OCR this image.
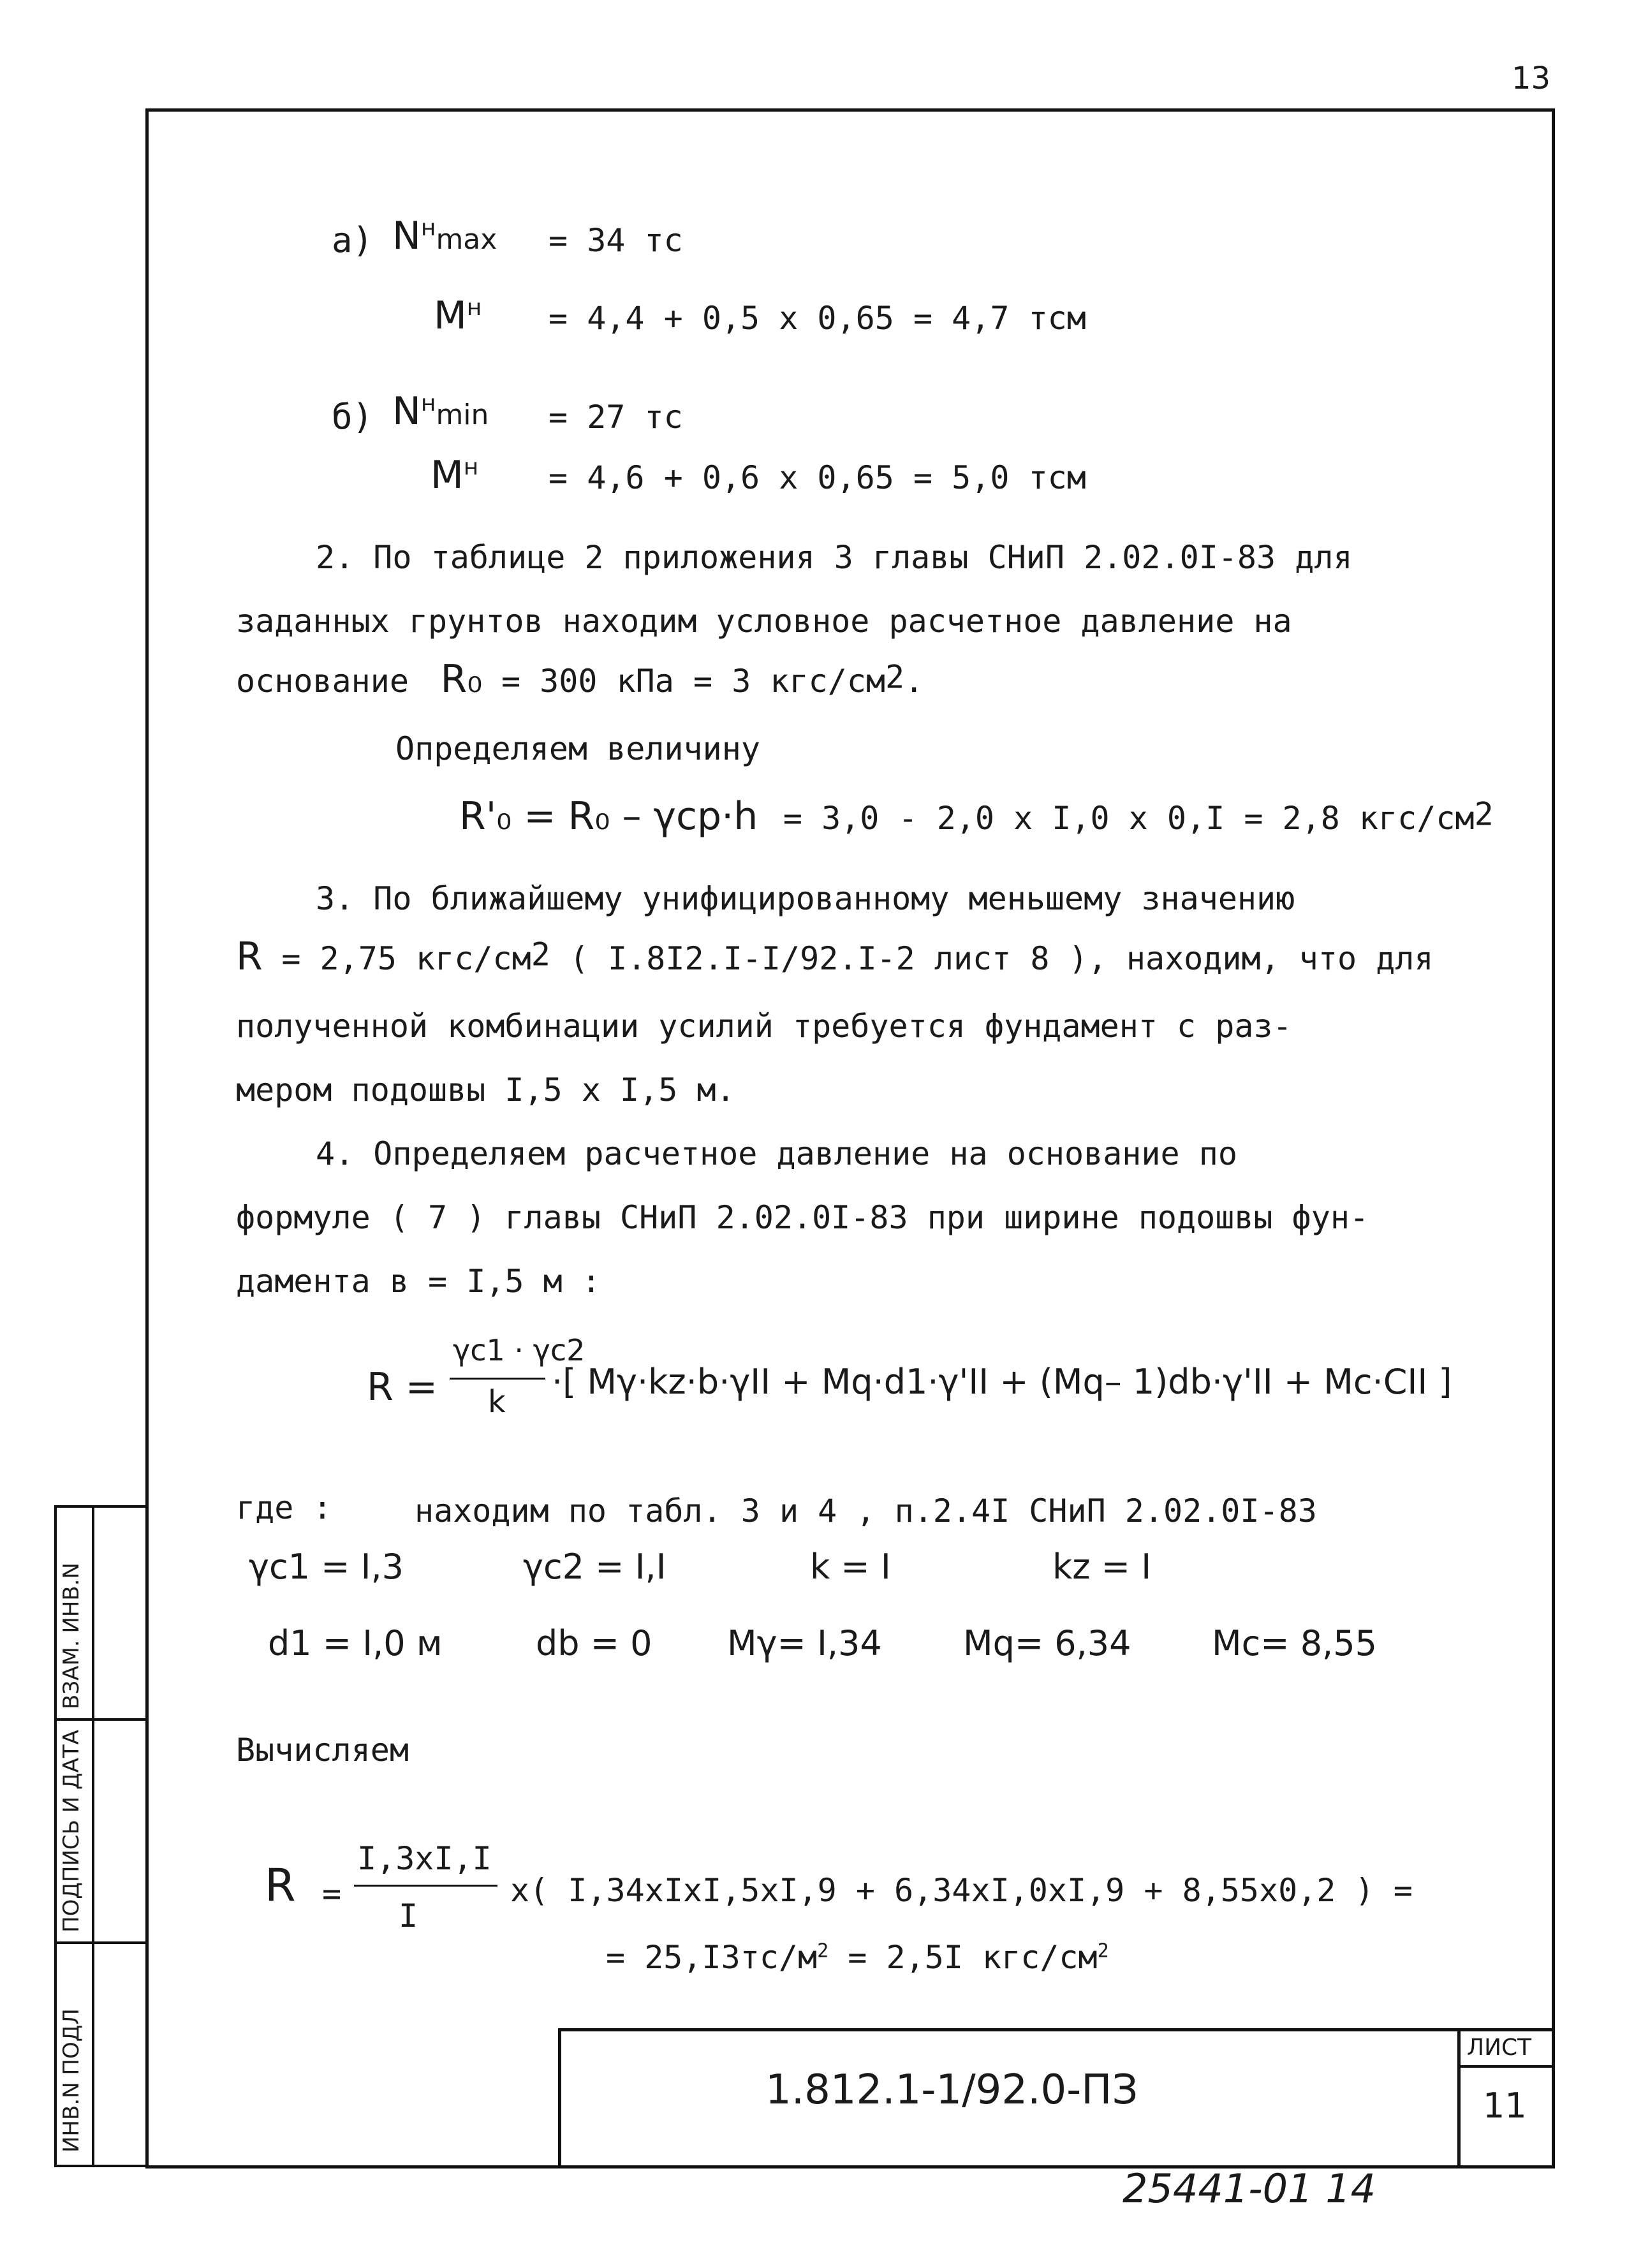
13
ВЗАМ. ИНВ.N
ПОДПИСЬ И ДАТА
ИНВ.N ПОДЛ
а) $N^н\max = 34$ тс
$M^н = 4,4 + 0,5$ х 0,65 = 4,7 тсм
б) $N^н\min = 27$ тс
$M^н = 4,6 + 0,6$ х 0,65 = 5,0 тсм
2. По таблице 2 приложения 3 главы СНиП 2.02.0I-83 для
заданных грунтов находим условное расчетное давление на
основание R₀ = 300 кПа = 3 кгс/$см^2$.
Определяем величину
R'₀ = R₀ – γcp·h = 3,0 - 2,0 х I,0 х 0,I = 2,8 кгс/$см^2$
3. По ближайшему унифицированному меньшему значению
R = 2,75 кгс/$см^2$ ( I.8I2.I-I/92.I-2 лист 8 ), находим, что для
полученной комбинации усилий требуется фундамент с раз-
мером подошвы I,5 х I,5 м.
4. Определяем расчетное давление на основание по
формуле ( 7 ) главы СНиП 2.02.0I-83 при ширине подошвы фун-
дамента в = I,5 м :
R =
γc1 · γc2
k ·[ Mγ·kz·b·γII + Mq·d1·γ'II + (Mq– 1)db·γ'II + Mc·CII ]
где :	находим по табл. 3 и 4 , п.2.4I СНиП 2.02.0I-83
γc1 = I,3	γc2 = I,I	k = I	kz = I
d1 = I,0 м	db = 0 Mγ= I,34 Mq= 6,34 Mc= 8,55
Вычисляем
R =
I,3хI,I
I
х( I,34хIхI,5хI,9 + 6,34хI,0хI,9 + 8,55х0,2 ) =
= $25,I3тс/м^2 = 2,5I$ кгс/$см^2$
1.812.1-1/92.0-ПЗ
ЛИСТ
11
25441-01 14
